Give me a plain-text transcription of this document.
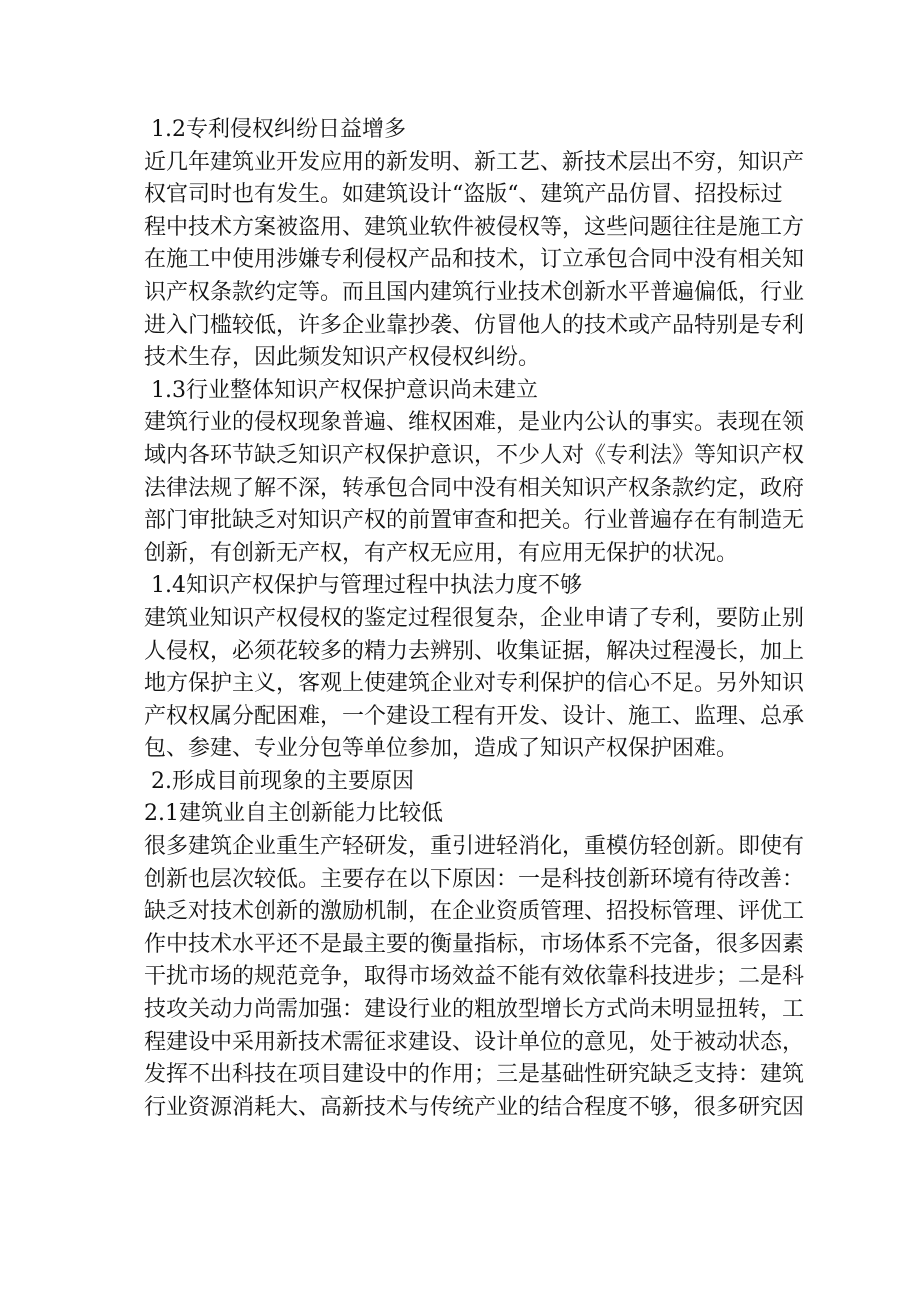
1.2专利侵权纠纷日益增多
近几年建筑业开发应用的新发明、新工艺、新技术层出不穷，知识产
权官司时也有发生。如建筑设计“盗版“、建筑产品仿冒、招投标过
程中技术方案被盗用、建筑业软件被侵权等，这些问题往往是施工方
在施工中使用涉嫌专利侵权产品和技术，订立承包合同中没有相关知
识产权条款约定等。而且国内建筑行业技术创新水平普遍偏低，行业
进入门槛较低，许多企业靠抄袭、仿冒他人的技术或产品特别是专利
技术生存，因此频发知识产权侵权纠纷。
1.3行业整体知识产权保护意识尚未建立
建筑行业的侵权现象普遍、维权困难，是业内公认的事实。表现在领
域内各环节缺乏知识产权保护意识，不少人对《专利法》等知识产权
法律法规了解不深，转承包合同中没有相关知识产权条款约定，政府
部门审批缺乏对知识产权的前置审查和把关。行业普遍存在有制造无
创新，有创新无产权，有产权无应用，有应用无保护的状况。
1.4知识产权保护与管理过程中执法力度不够
建筑业知识产权侵权的鉴定过程很复杂，企业申请了专利，要防止别
人侵权，必须花较多的精力去辨别、收集证据，解决过程漫长，加上
地方保护主义，客观上使建筑企业对专利保护的信心不足。另外知识
产权权属分配困难，一个建设工程有开发、设计、施工、监理、总承
包、参建、专业分包等单位参加，造成了知识产权保护困难。
2.形成目前现象的主要原因
2.1建筑业自主创新能力比较低
很多建筑企业重生产轻研发，重引进轻消化，重模仿轻创新。即使有
创新也层次较低。主要存在以下原因：一是科技创新环境有待改善：
缺乏对技术创新的激励机制，在企业资质管理、招投标管理、评优工
作中技术水平还不是最主要的衡量指标，市场体系不完备，很多因素
干扰市场的规范竞争，取得市场效益不能有效依靠科技进步；二是科
技攻关动力尚需加强：建设行业的粗放型增长方式尚未明显扭转，工
程建设中采用新技术需征求建设、设计单位的意见，处于被动状态，
发挥不出科技在项目建设中的作用；三是基础性研究缺乏支持：建筑
行业资源消耗大、高新技术与传统产业的结合程度不够，很多研究因
